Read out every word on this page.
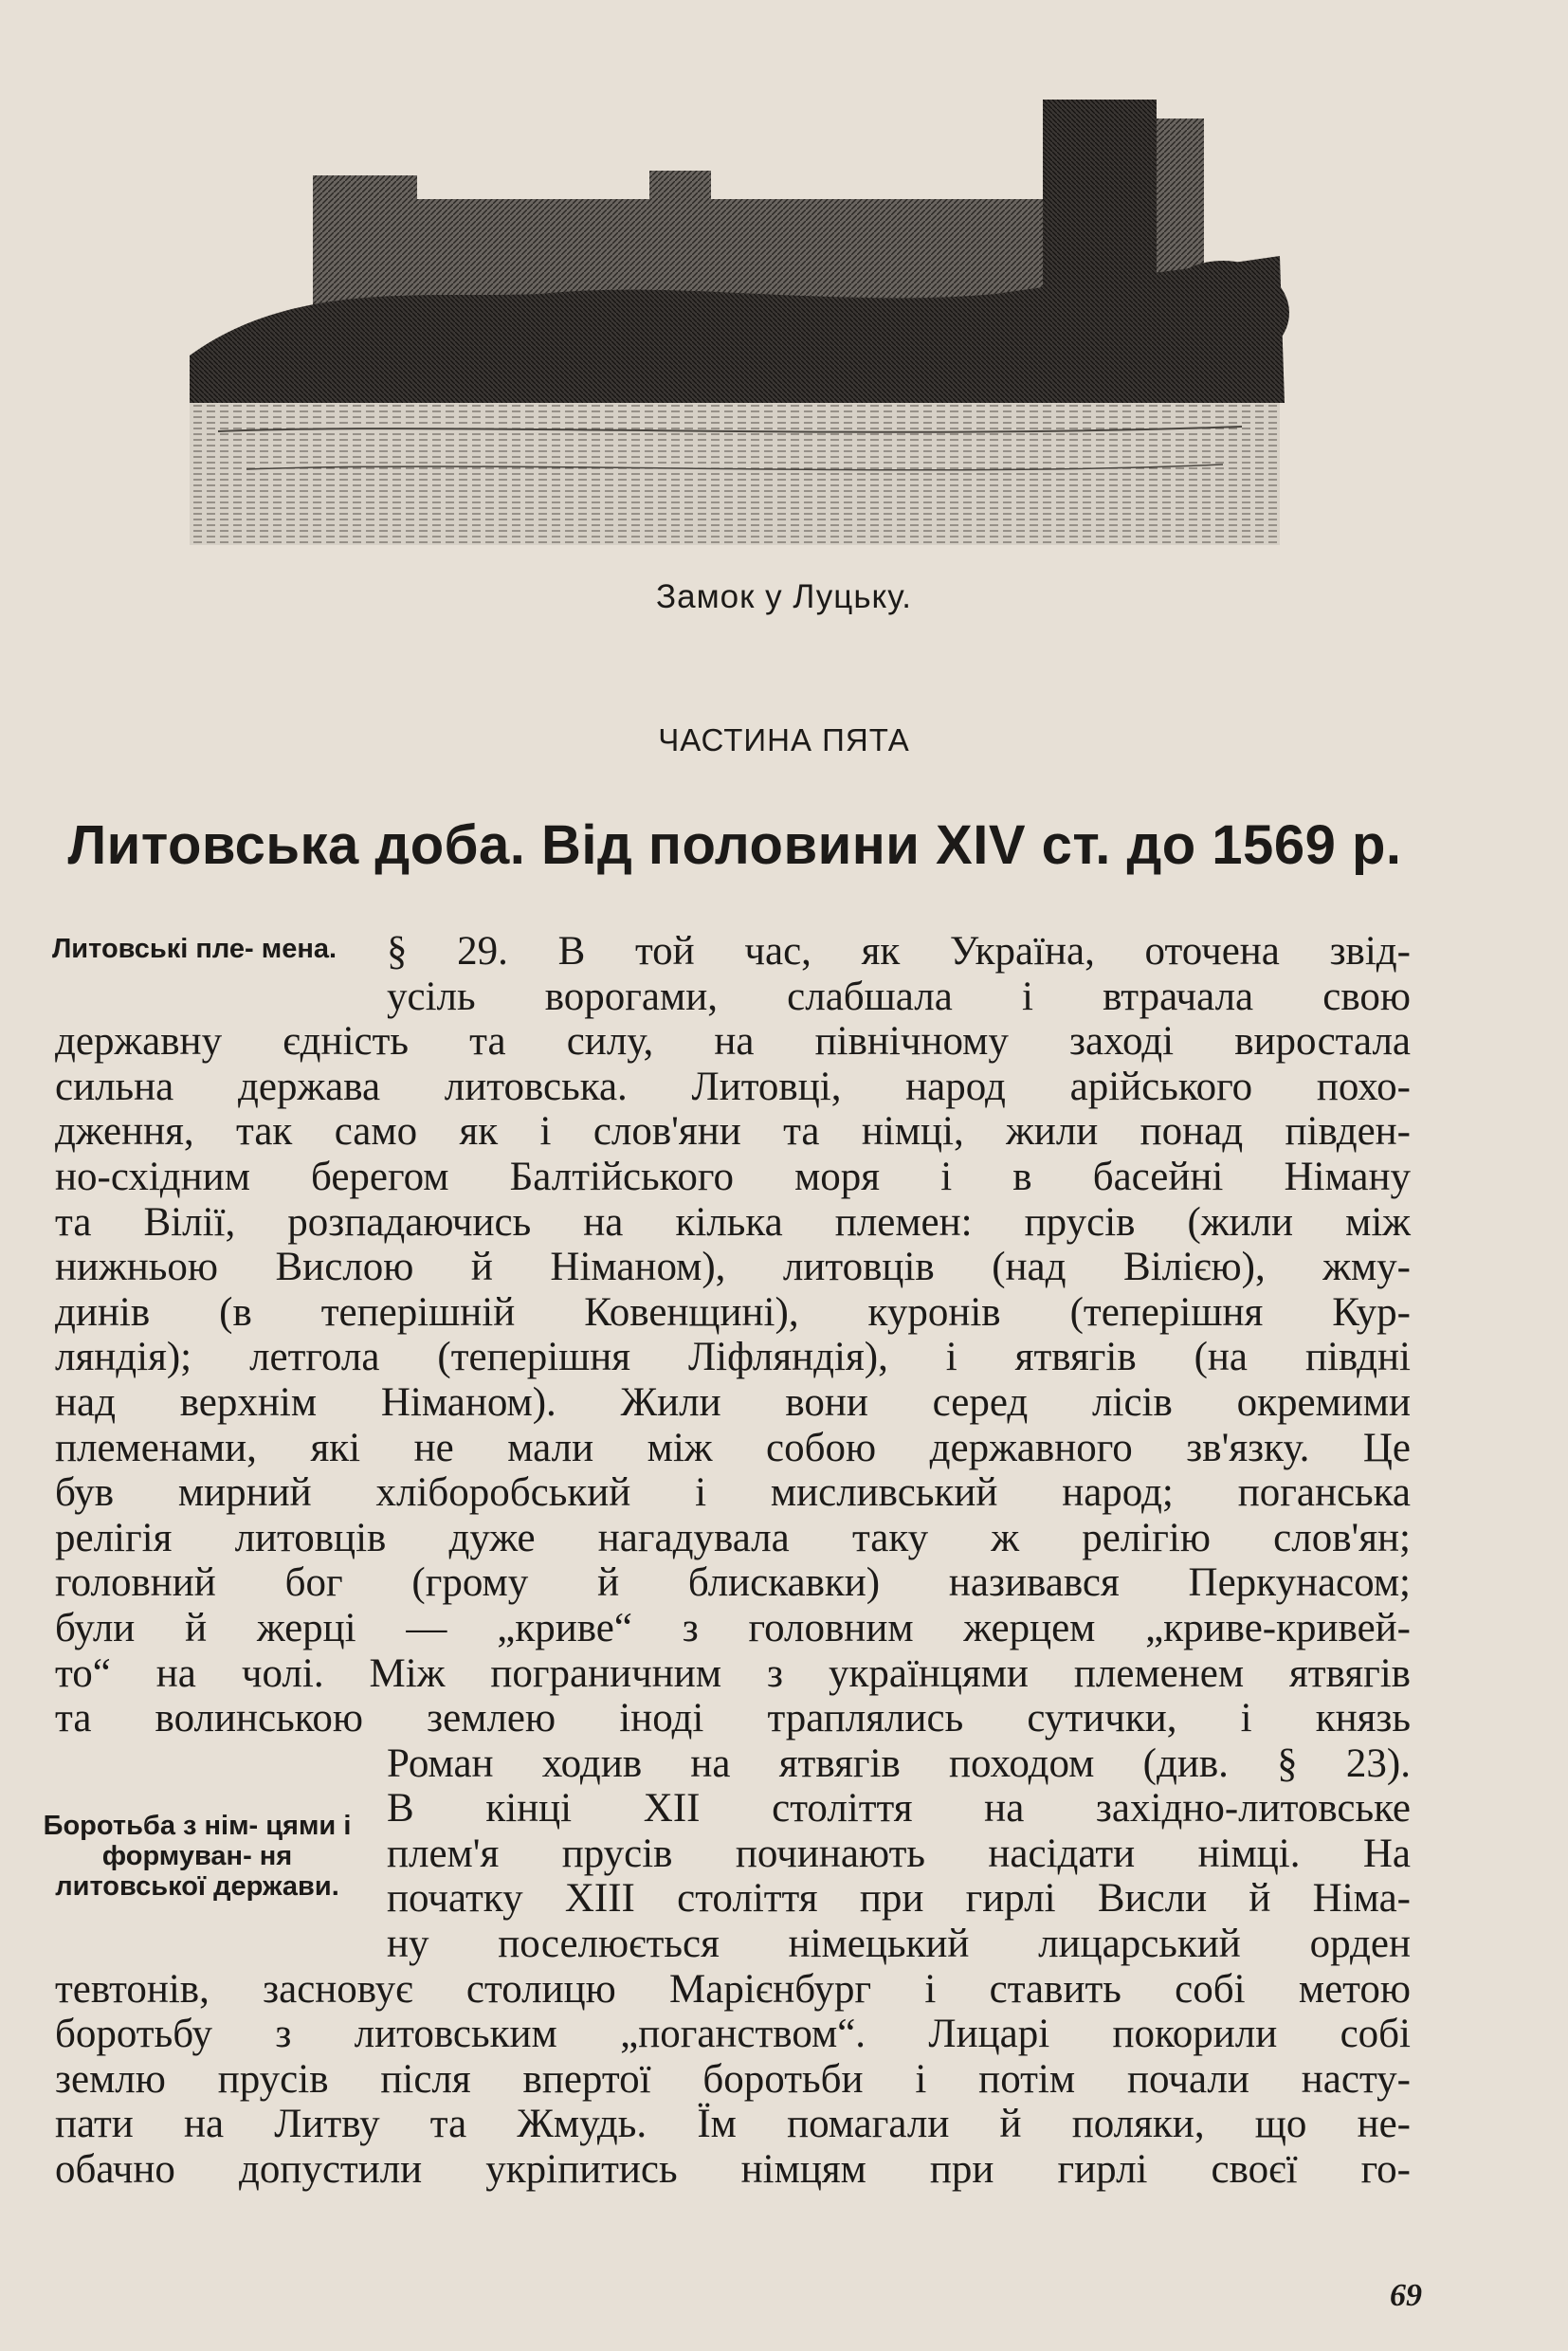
Замок у Луцьку.
ЧАСТИНА ПЯТА
Литовська доба. Від половини XIV ст. до 1569 р.
Литовські пле- мена.
Боротьба з нім- цями і формуван- ня литовської держави.
§ 29. В той час, як Україна, оточена звід-
усіль ворогами, слабшала і втрачала свою
державну єдність та силу, на північному заході виростала
сильна держава литовська. Литовці, народ арійського похо-
дження, так само як і слов'яни та німці, жили понад півден-
но-східним берегом Балтійського моря і в басейні Німану
та Вілії, розпадаючись на кілька племен: прусів (жили між
нижньою Вислою й Німаном), литовців (над Вілією), жму-
динів (в теперішній Ковенщині), куронів (теперішня Кур-
ляндія); летгола (теперішня Ліфляндія), і ятвягів (на півдні
над верхнім Німаном). Жили вони серед лісів окремими
племенами, які не мали між собою державного зв'язку. Це
був мирний хліборобський і мисливський народ; поганська
релігія литовців дуже нагадувала таку ж релігію слов'ян;
головний бог (грому й блискавки) називався Перкунасом;
були й жерці — „криве“ з головним жерцем „криве-кривей-
то“ на чолі. Між пограничним з українцями племенем ятвягів
та волинською землею іноді траплялись сутички, і князь
Роман ходив на ятвягів походом (див. § 23).
В кінці XII століття на західно-литовське
плем'я прусів починають насідати німці. На
початку XIII століття при гирлі Висли й Німа-
ну поселюється німецький лицарський орден
тевтонів, засновує столицю Марієнбург і ставить собі метою
боротьбу з литовським „поганством“. Лицарі покорили собі
землю прусів після впертої боротьби і потім почали насту-
пати на Литву та Жмудь. Їм помагали й поляки, що не-
обачно допустили укріпитись німцям при гирлі своєї го-
69
